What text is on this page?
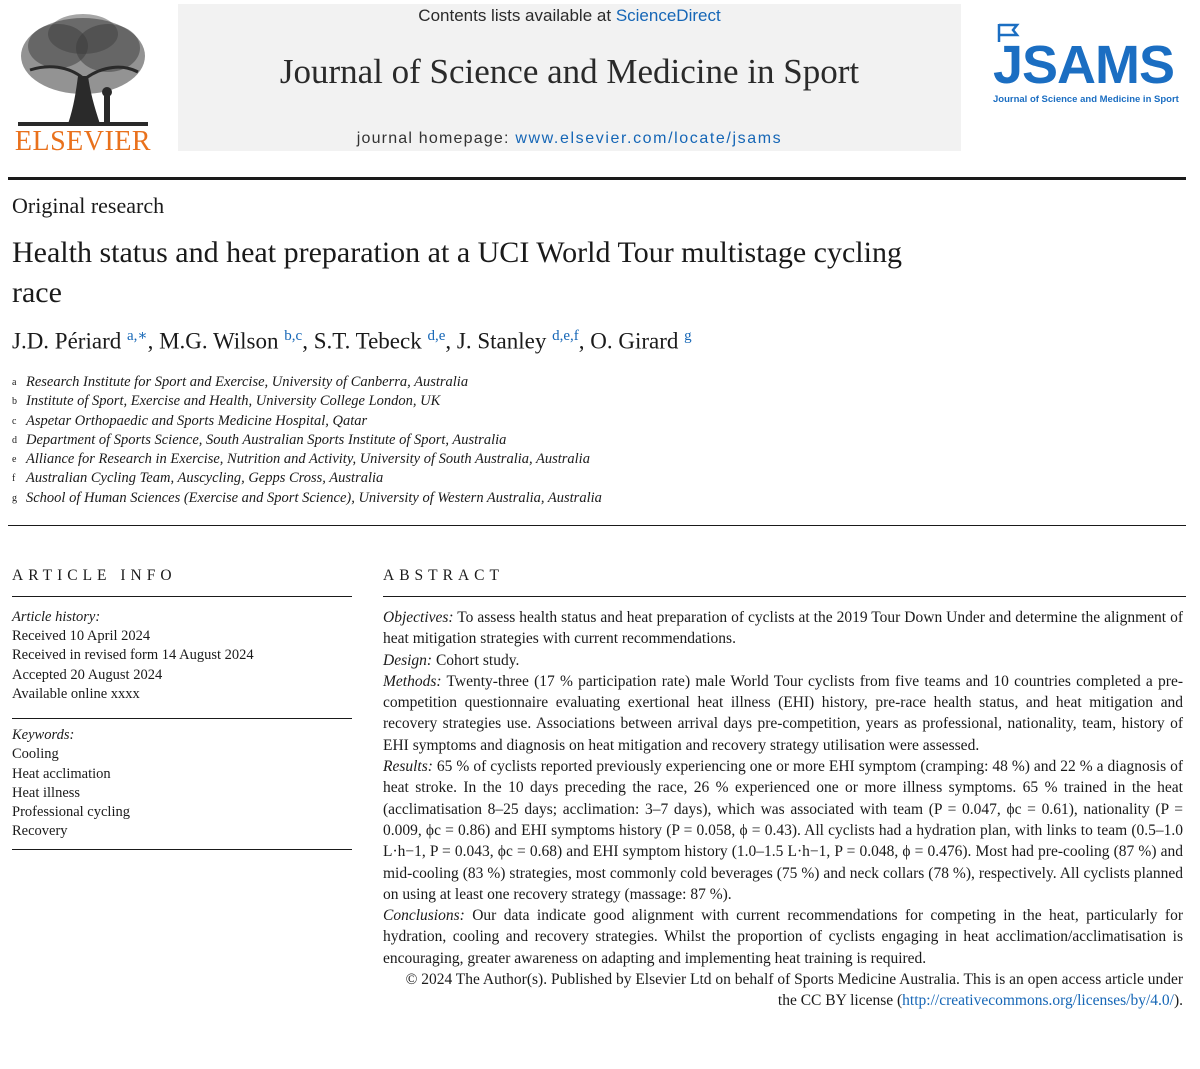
ELSEVIER
Contents lists available at ScienceDirect
Journal of Science and Medicine in Sport
journal homepage: www.elsevier.com/locate/jsams
JSAMS
Journal of Science and Medicine in Sport
Original research
Health status and heat preparation at a UCI World Tour multistage cycling race
J.D. Périard $^{a,∗}$, M.G. Wilson $^{b,c}$, S.T. Tebeck $^{d,e}$, J. Stanley $^{d,e,f}$, O. Girard $^g$
a Research Institute for Sport and Exercise, University of Canberra, Australia
b Institute of Sport, Exercise and Health, University College London, UK
c Aspetar Orthopaedic and Sports Medicine Hospital, Qatar
d Department of Sports Science, South Australian Sports Institute of Sport, Australia
e Alliance for Research in Exercise, Nutrition and Activity, University of South Australia, Australia
f Australian Cycling Team, Auscycling, Gepps Cross, Australia
g School of Human Sciences (Exercise and Sport Science), University of Western Australia, Australia
ARTICLE INFO
Article history:
Received 10 April 2024
Received in revised form 14 August 2024
Accepted 20 August 2024
Available online xxxx
Keywords:
Cooling
Heat acclimation
Heat illness
Professional cycling
Recovery
ABSTRACT

Objectives: To assess health status and heat preparation of cyclists at the 2019 Tour Down Under and determine the alignment of heat mitigation strategies with current recommendations.

Design: Cohort study.

Methods: Twenty-three (17 % participation rate) male World Tour cyclists from five teams and 10 countries completed a pre-competition questionnaire evaluating exertional heat illness (EHI) history, pre-race health status, and heat mitigation and recovery strategies use. Associations between arrival days pre-competition, years as professional, nationality, team, history of EHI symptoms and diagnosis on heat mitigation and recovery strategy utilisation were assessed.

Results: 65 % of cyclists reported previously experiencing one or more EHI symptom (cramping: 48 %) and 22 % a diagnosis of heat stroke. In the 10 days preceding the race, 26 % experienced one or more illness symptoms. 65 % trained in the heat (acclimatisation 8–25 days; acclimation: 3–7 days), which was associated with team (P = 0.047, ϕc = 0.61), nationality (P = 0.009, ϕc = 0.86) and EHI symptoms history (P = 0.058, ϕ = 0.43). All cyclists had a hydration plan, with links to team (0.5–1.0 L·h−1, P = 0.043, ϕc = 0.68) and EHI symptom history (1.0–1.5 L·h−1, P = 0.048, ϕ = 0.476). Most had pre-cooling (87 %) and mid-cooling (83 %) strategies, most commonly cold beverages (75 %) and neck collars (78 %), respectively. All cyclists planned on using at least one recovery strategy (massage: 87 %).

Conclusions: Our data indicate good alignment with current recommendations for competing in the heat, particularly for hydration, cooling and recovery strategies. Whilst the proportion of cyclists engaging in heat acclimation/acclimatisation is encouraging, greater awareness on adapting and implementing heat training is required.

© 2024 The Author(s). Published by Elsevier Ltd on behalf of Sports Medicine Australia. This is an open access article under the CC BY license (http://creativecommons.org/licenses/by/4.0/).
